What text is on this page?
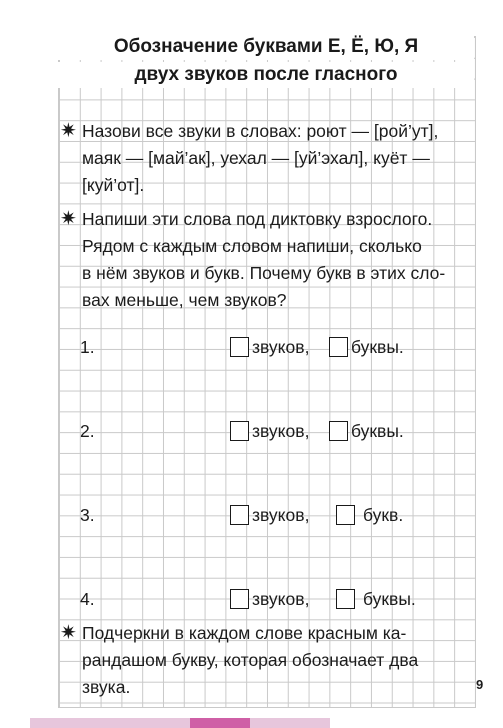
Обозначение буквами Е, Ё, Ю, Я
двух звуков после гласного
✷ Назови все звуки в словах: роют — [рой’ут],
маяк — [май’ак], уехал — [уй’эхал], куёт —
[куй’от].
✷ Напиши эти слова под диктовку взрослого.
Рядом с каждым словом напиши, сколько
в нём звуков и букв. Почему букв в этих сло-
вах меньше, чем звуков?
1.	звуков, буквы.
2.	звуков, буквы.
3.	звуков,	букв.
4.	звуков,	буквы.
✷ Подчеркни в каждом слове красным ка-
рандашом букву, которая обозначает два
звука.	9
